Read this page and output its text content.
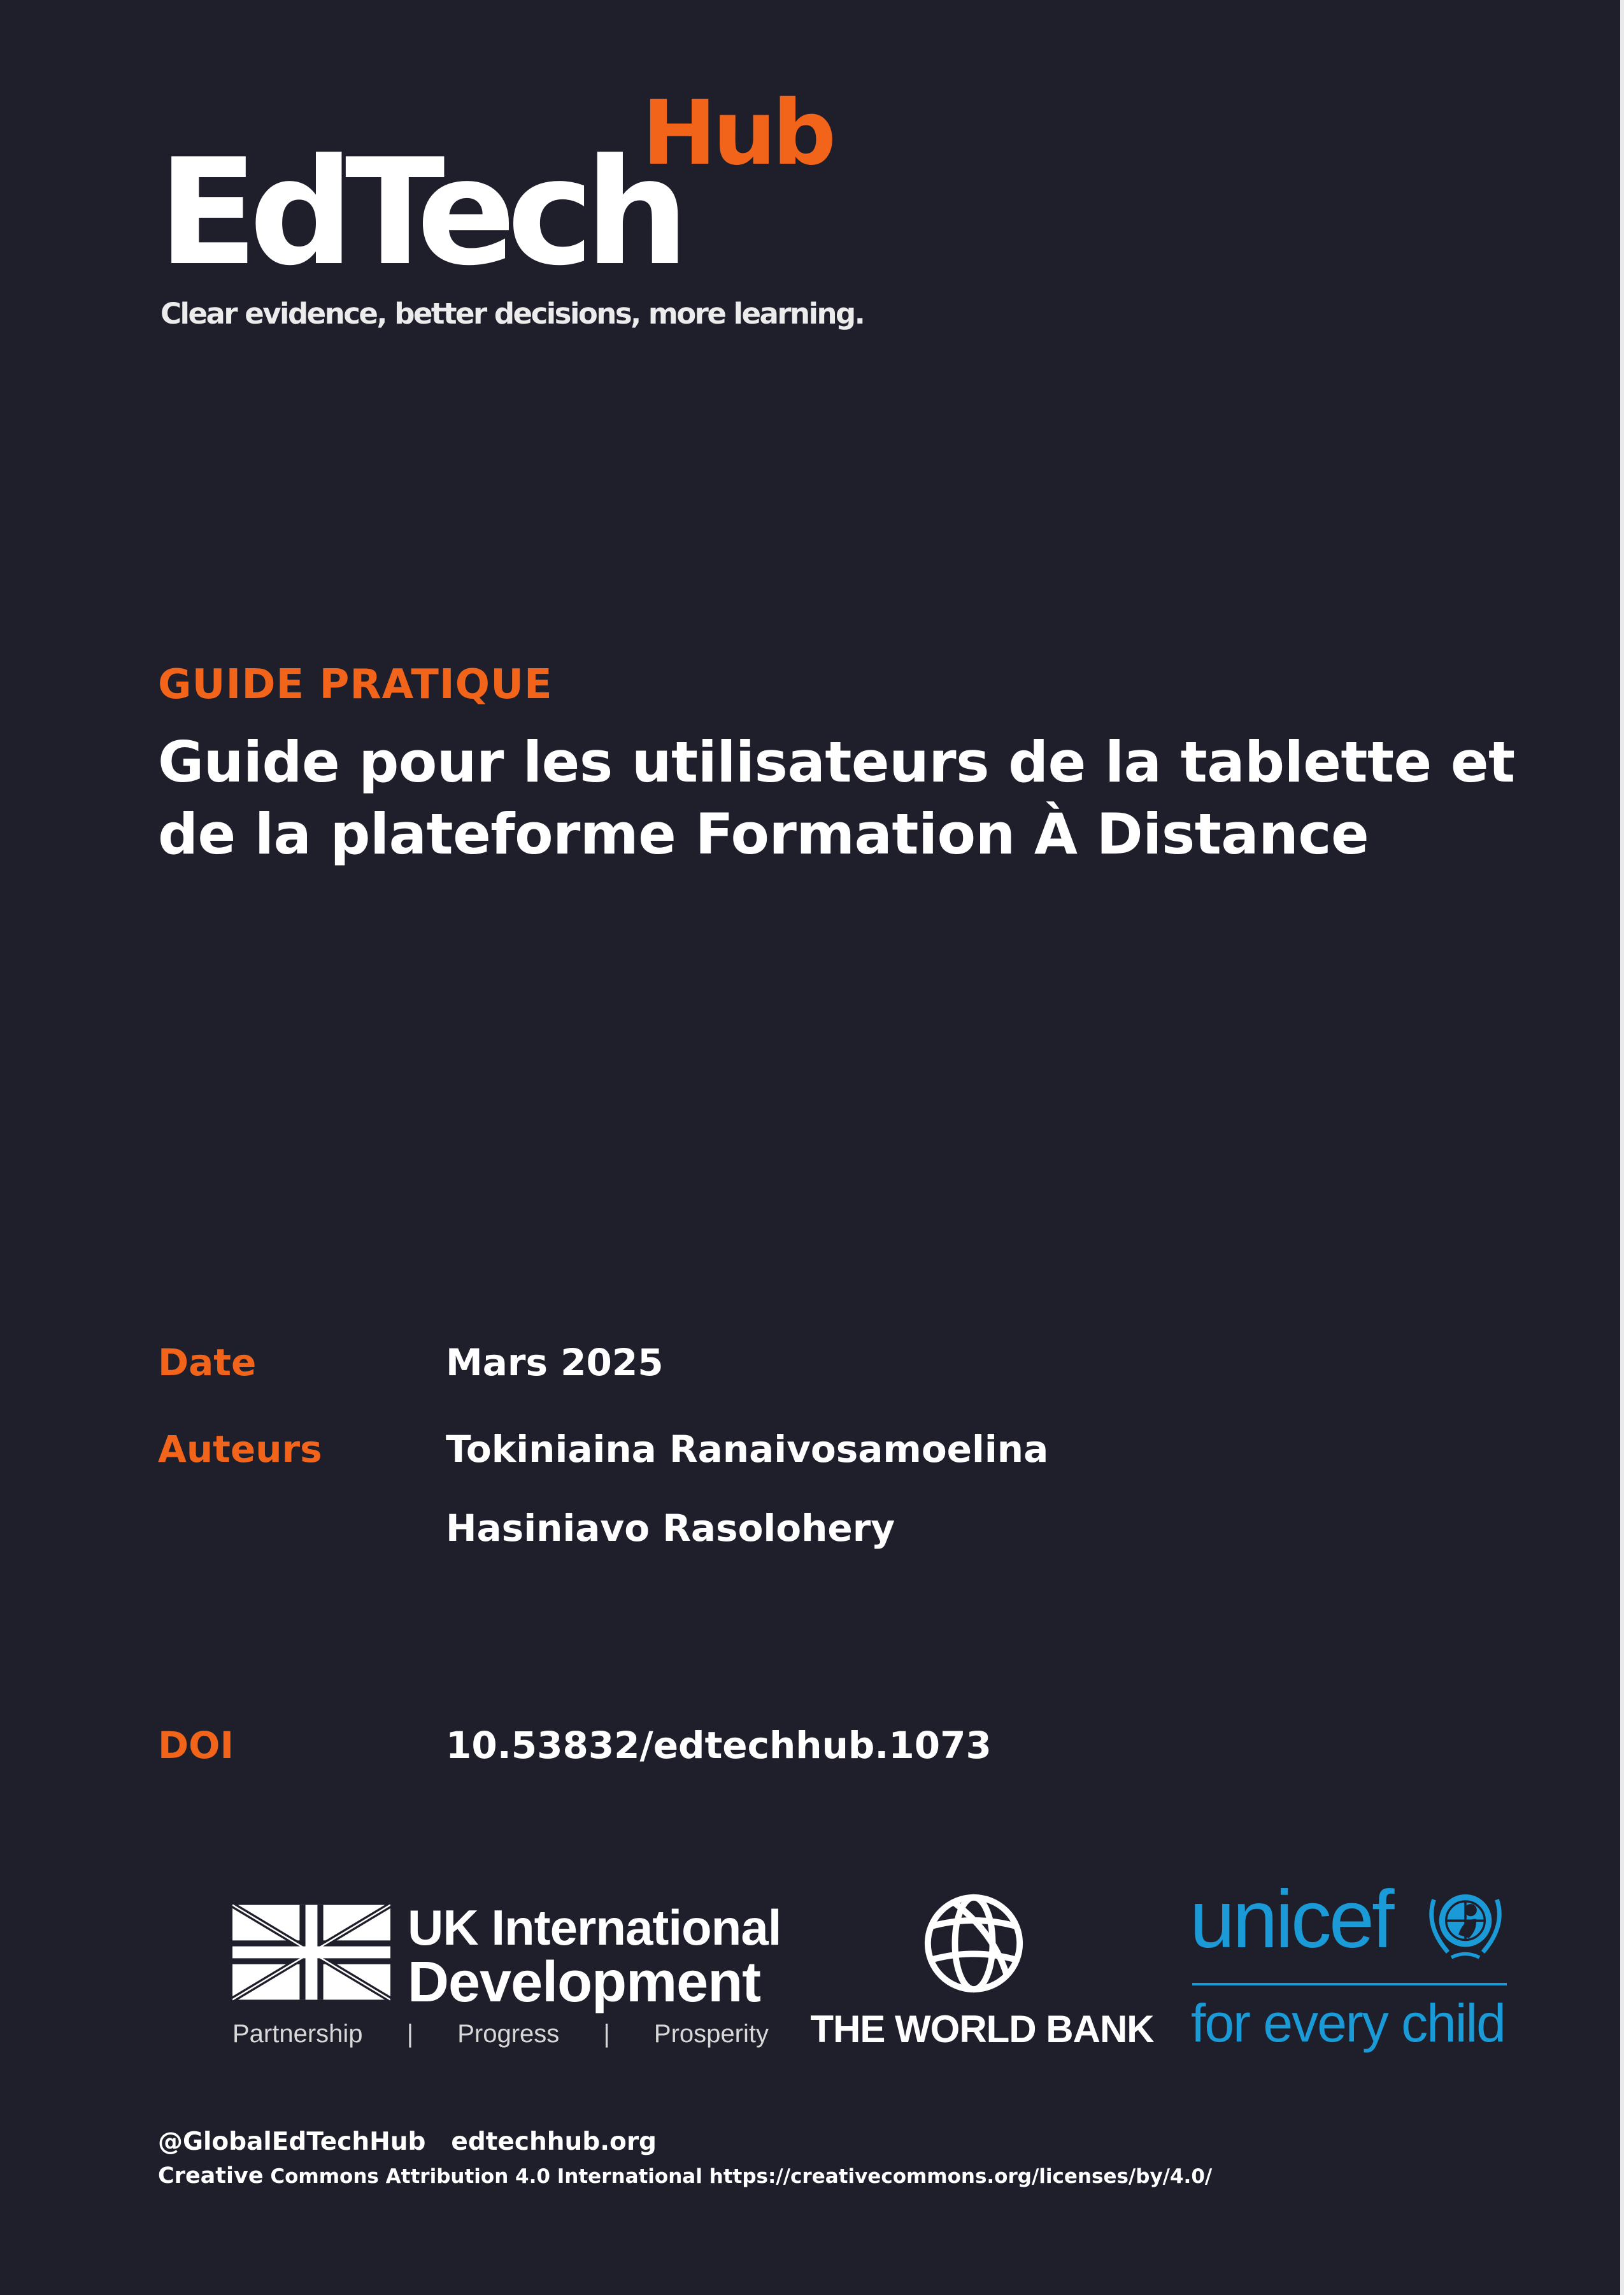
EdTech
Hub
Clear evidence, better decisions, more learning.
GUIDE PRATIQUE
Guide pour les utilisateurs de la tablette et de la plateforme Formation À Distance
Date	Mars 2025
Auteurs	Tokiniaina Ranaivosamoelina
Hasiniavo Rasolohery
DOI	10.53832/edtechhub.1073
UK International
Development
Partnership | Progress | Prosperity THE WORLD BANK
unicef
for every child
@GlobalEdTechHub edtechhub.org
Creative Commons Attribution 4.0 International https://creativecommons.org/licenses/by/4.0/
